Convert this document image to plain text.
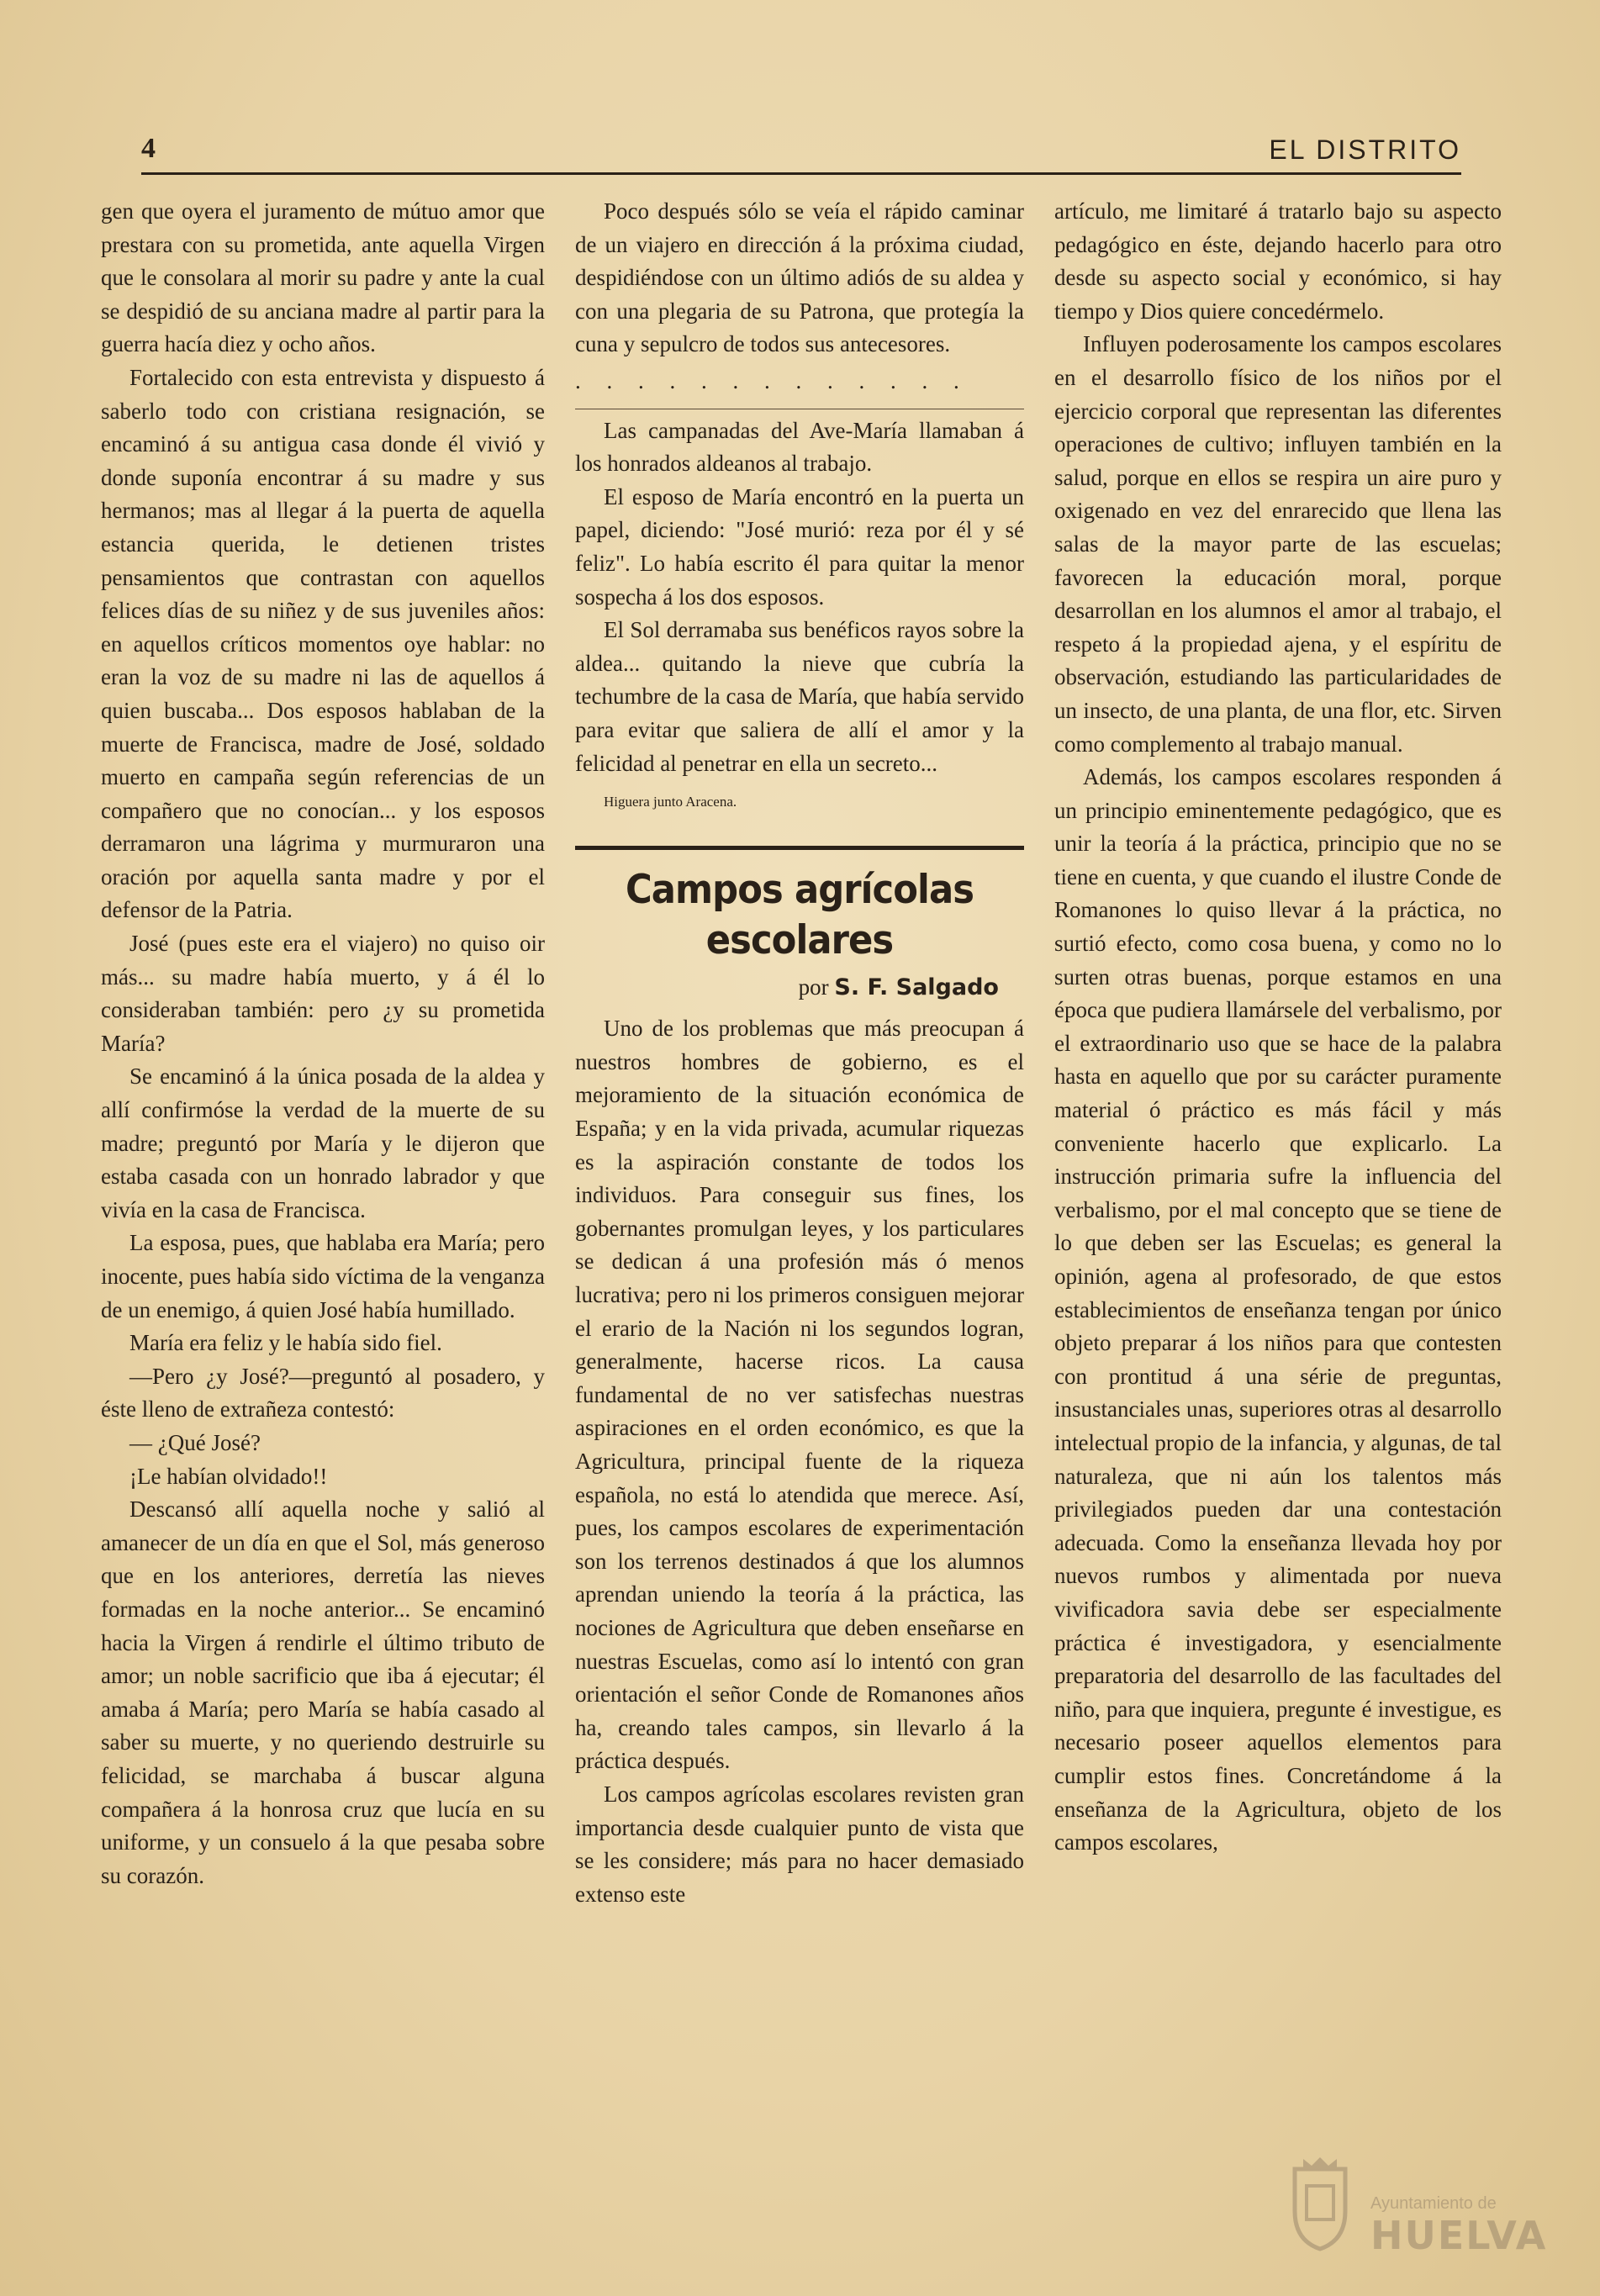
4	EL DISTRITO

gen que oyera el juramento de mútuo amor que prestara con su prometida, ante aquella Virgen que le consolara al morir su padre y ante la cual se despidió de su anciana madre al partir para la guerra hacía diez y ocho años.

Fortalecido con esta entrevista y dispuesto á saberlo todo con cristiana resignación, se encaminó á su antigua casa donde él vivió y donde suponía encontrar á su madre y sus hermanos; mas al llegar á la puerta de aquella estancia querida, le detienen tristes pensamientos que contrastan con aquellos felices días de su niñez y de sus juveniles años: en aquellos críticos momentos oye hablar: no eran la voz de su madre ni las de aquellos á quien buscaba... Dos esposos hablaban de la muerte de Francisca, madre de José, soldado muerto en campaña según referencias de un compañero que no conocían... y los esposos derramaron una lágrima y murmuraron una oración por aquella santa madre y por el defensor de la Patria.

José (pues este era el viajero) no quiso oir más... su madre había muerto, y á él lo consideraban también: pero ¿y su prometida María?

Se encaminó á la única posada de la aldea y allí confirmóse la verdad de la muerte de su madre; preguntó por María y le dijeron que estaba casada con un honrado labrador y que vivía en la casa de Francisca.

La esposa, pues, que hablaba era María; pero inocente, pues había sido víctima de la venganza de un enemigo, á quien José había humillado.

María era feliz y le había sido fiel.

—Pero ¿y José?—preguntó al posadero, y éste lleno de extrañeza contestó:

— ¿Qué José?

¡Le habían olvidado!!

Descansó allí aquella noche y salió al amanecer de un día en que el Sol, más generoso que en los anteriores, derretía las nieves formadas en la noche anterior... Se encaminó hacia la Virgen á rendirle el último tributo de amor; un noble sacrificio que iba á ejecutar; él amaba á María; pero María se había casado al saber su muerte, y no queriendo destruirle su felicidad, se marchaba á buscar alguna compañera á la honrosa cruz que lucía en su uniforme, y un consuelo á la que pesaba sobre su corazón.

Poco después sólo se veía el rápido caminar de un viajero en dirección á la próxima ciudad, despidiéndose con un último adiós de su aldea y con una plegaria de su Patrona, que protegía la cuna y sepulcro de todos sus antecesores.

. . . . . . . . . . . . .

Las campanadas del Ave-María llamaban á los honrados aldeanos al trabajo.

El esposo de María encontró en la puerta un papel, diciendo: "José murió: reza por él y sé feliz". Lo había escrito él para quitar la menor sospecha á los dos esposos.

El Sol derramaba sus benéficos rayos sobre la aldea... quitando la nieve que cubría la techumbre de la casa de María, que había servido para evitar que saliera de allí el amor y la felicidad al penetrar en ella un secreto...

Higuera junto Aracena.

Campos agrícolas escolares
por S. F. Salgado

Uno de los problemas que más preocupan á nuestros hombres de gobierno, es el mejoramiento de la situación económica de España; y en la vida privada, acumular riquezas es la aspiración constante de todos los individuos. Para conseguir sus fines, los gobernantes promulgan leyes, y los particulares se dedican á una profesión más ó menos lucrativa; pero ni los primeros consiguen mejorar el erario de la Nación ni los segundos logran, generalmente, hacerse ricos. La causa fundamental de no ver satisfechas nuestras aspiraciones en el orden económico, es que la Agricultura, principal fuente de la riqueza española, no está lo atendida que merece. Así, pues, los campos escolares de experimentación son los terrenos destinados á que los alumnos aprendan uniendo la teoría á la práctica, las nociones de Agricultura que deben enseñarse en nuestras Escuelas, como así lo intentó con gran orientación el señor Conde de Romanones años ha, creando tales campos, sin llevarlo á la práctica después.

Los campos agrícolas escolares revisten gran importancia desde cualquier punto de vista que se les considere; más para no hacer demasiado extenso este

artículo, me limitaré á tratarlo bajo su aspecto pedagógico en éste, dejando hacerlo para otro desde su aspecto social y económico, si hay tiempo y Dios quiere concedérmelo.

Influyen poderosamente los campos escolares en el desarrollo físico de los niños por el ejercicio corporal que representan las diferentes operaciones de cultivo; influyen también en la salud, porque en ellos se respira un aire puro y oxigenado en vez del enrarecido que llena las salas de la mayor parte de las escuelas; favorecen la educación moral, porque desarrollan en los alumnos el amor al trabajo, el respeto á la propiedad ajena, y el espíritu de observación, estudiando las particularidades de un insecto, de una planta, de una flor, etc. Sirven como complemento al trabajo manual.

Además, los campos escolares responden á un principio eminentemente pedagógico, que es unir la teoría á la práctica, principio que no se tiene en cuenta, y que cuando el ilustre Conde de Romanones lo quiso llevar á la práctica, no surtió efecto, como cosa buena, y como no lo surten otras buenas, porque estamos en una época que pudiera llamársele del verbalismo, por el extraordinario uso que se hace de la palabra hasta en aquello que por su carácter puramente material ó práctico es más fácil y más conveniente hacerlo que explicarlo. La instrucción primaria sufre la influencia del verbalismo, por el mal concepto que se tiene de lo que deben ser las Escuelas; es general la opinión, agena al profesorado, de que estos establecimientos de enseñanza tengan por único objeto preparar á los niños para que contesten con prontitud á una série de preguntas, insustanciales unas, superiores otras al desarrollo intelectual propio de la infancia, y algunas, de tal naturaleza, que ni aún los talentos más privilegiados pueden dar una contestación adecuada. Como la enseñanza llevada hoy por nuevos rumbos y alimentada por nueva vivificadora savia debe ser especialmente práctica é investigadora, y esencialmente preparatoria del desarrollo de las facultades del niño, para que inquiera, pregunte é investigue, es necesario poseer aquellos elementos para cumplir estos fines. Concretándome á la enseñanza de la Agricultura, objeto de los campos escolares,

Ayuntamiento de
HUELVA
